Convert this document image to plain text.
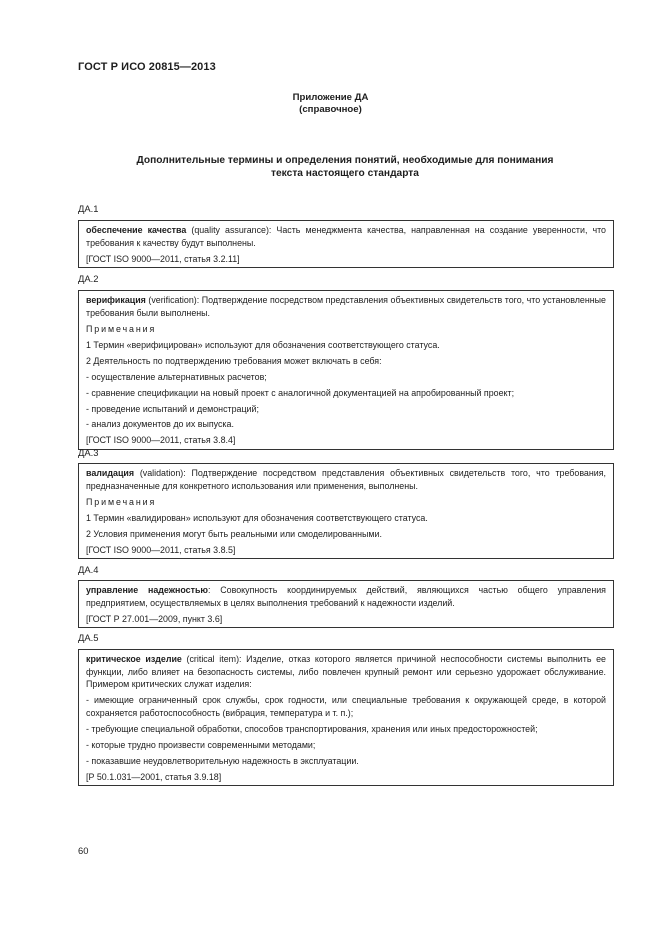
ГОСТ Р ИСО 20815—2013
Приложение ДА
(справочное)
Дополнительные термины и определения понятий, необходимые для понимания
текста настоящего стандарта
ДА.1

обеспечение качества (quality assurance): Часть менеджмента качества, направленная на создание уверенности, что требования к качеству будут выполнены.

[ГОСТ ISO 9000—2011, статья 3.2.11]

ДА.2

верификация (verification): Подтверждение посредством представления объективных свидетельств того, что установленные требования были выполнены.

Примечания

1 Термин «верифицирован» используют для обозначения соответствующего статуса.

2 Деятельность по подтверждению требования может включать в себя:

- осуществление альтернативных расчетов;

- сравнение спецификации на новый проект с аналогичной документацией на апробированный проект;

- проведение испытаний и демонстраций;

- анализ документов до их выпуска.

[ГОСТ ISO 9000—2011, статья 3.8.4]

ДА.3

валидация (validation): Подтверждение посредством представления объективных свидетельств того, что требования, предназначенные для конкретного использования или применения, выполнены.

Примечания

1 Термин «валидирован» используют для обозначения соответствующего статуса.

2 Условия применения могут быть реальными или смоделированными.

[ГОСТ ISO 9000—2011, статья 3.8.5]

ДА.4

управление надежностью: Совокупность координируемых действий, являющихся частью общего управления предприятием, осуществляемых в целях выполнения требований к надежности изделий.

[ГОСТ Р 27.001—2009, пункт 3.6]

ДА.5

критическое изделие (critical item): Изделие, отказ которого является причиной неспособности системы выполнить ее функции, либо влияет на безопасность системы, либо повлечен крупный ремонт или серьезно удорожает обслуживание. Примером критических служат изделия:

- имеющие ограниченный срок службы, срок годности, или специальные требования к окружающей среде, в которой сохраняется работоспособность (вибрация, температура и т. п.);

- требующие специальной обработки, способов транспортирования, хранения или иных предосторожностей;

- которые трудно произвести современными методами;

- показавшие неудовлетворительную надежность в эксплуатации.

[Р 50.1.031—2001, статья 3.9.18]

60
